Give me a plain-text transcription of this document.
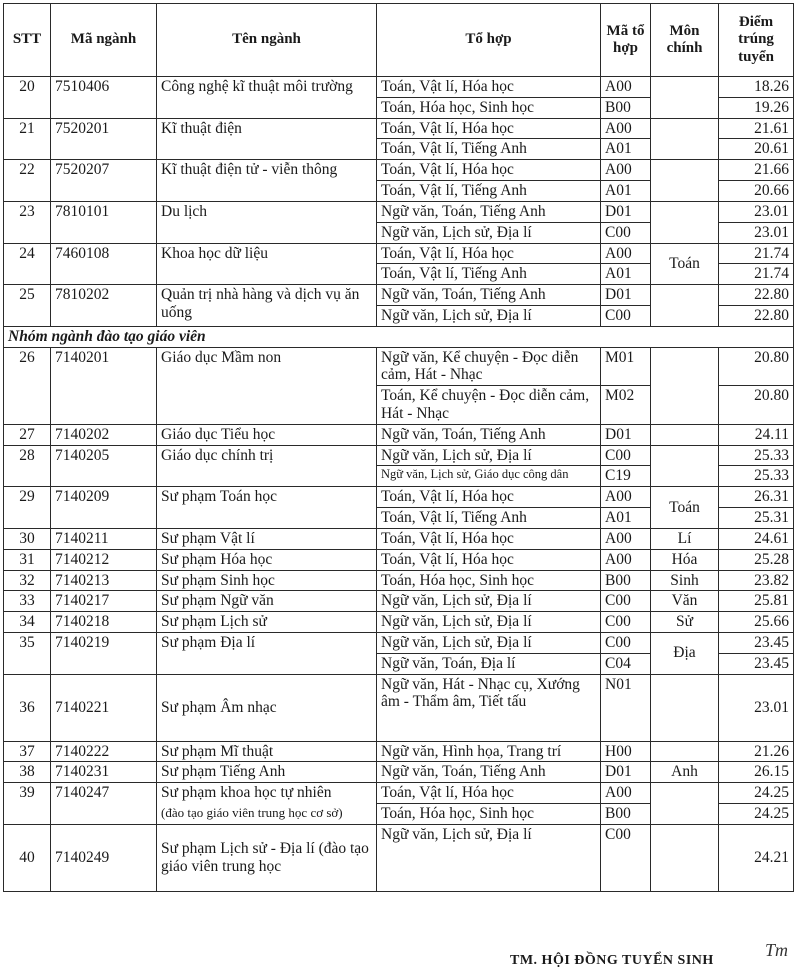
STT	Mã ngành	Tên ngành	Tổ hợp	Mã tổ hợp	Môn chính	Điểm trúng tuyển
20	7510406	Công nghệ kĩ thuật môi trường	Toán, Vật lí, Hóa học	A00		18.26
			Toán, Hóa học, Sinh học	B00		19.26
21	7520201	Kĩ thuật điện	Toán, Vật lí, Hóa học	A00		21.61
			Toán, Vật lí, Tiếng Anh	A01		20.61
22	7520207	Kĩ thuật điện tử - viễn thông	Toán, Vật lí, Hóa học	A00		21.66
			Toán, Vật lí, Tiếng Anh	A01		20.66
23	7810101	Du lịch	Ngữ văn, Toán, Tiếng Anh	D01		23.01
			Ngữ văn, Lịch sử, Địa lí	C00		23.01
24	7460108	Khoa học dữ liệu	Toán, Vật lí, Hóa học	A00	Toán	21.74
			Toán, Vật lí, Tiếng Anh	A01		21.74
25	7810202	Quản trị nhà hàng và dịch vụ ăn uống	Ngữ văn, Toán, Tiếng Anh	D01		22.80
			Ngữ văn, Lịch sử, Địa lí	C00		22.80
Nhóm ngành đào tạo giáo viên						
26	7140201	Giáo dục Mầm non	Ngữ văn, Kể chuyện - Đọc diễn cảm, Hát - Nhạc	M01		20.80
			Toán, Kể chuyện - Đọc diễn cảm, Hát - Nhạc	M02		20.80
27	7140202	Giáo dục Tiểu học	Ngữ văn, Toán, Tiếng Anh	D01		24.11
28	7140205	Giáo dục chính trị	Ngữ văn, Lịch sử, Địa lí	C00		25.33
			Ngữ văn, Lịch sử, Giáo dục công dân	C19		25.33
29	7140209	Sư phạm Toán học	Toán, Vật lí, Hóa học	A00	Toán	26.31
			Toán, Vật lí, Tiếng Anh	A01		25.31
30	7140211	Sư phạm Vật lí	Toán, Vật lí, Hóa học	A00	Lí	24.61
31	7140212	Sư phạm Hóa học	Toán, Vật lí, Hóa học	A00	Hóa	25.28
32	7140213	Sư phạm Sinh học	Toán, Hóa học, Sinh học	B00	Sinh	23.82
33	7140217	Sư phạm Ngữ văn	Ngữ văn, Lịch sử, Địa lí	C00	Văn	25.81
34	7140218	Sư phạm Lịch sử	Ngữ văn, Lịch sử, Địa lí	C00	Sử	25.66
35	7140219	Sư phạm Địa lí	Ngữ văn, Lịch sử, Địa lí	C00	Địa	23.45
			Ngữ văn, Toán, Địa lí	C04		23.45
36	7140221	Sư phạm Âm nhạc	Ngữ văn, Hát - Nhạc cụ, Xướng âm - Thẩm âm, Tiết tấu	N01		23.01
37	7140222	Sư phạm Mĩ thuật	Ngữ văn, Hình họa, Trang trí	H00		21.26
38	7140231	Sư phạm Tiếng Anh	Ngữ văn, Toán, Tiếng Anh	D01	Anh	26.15
39	7140247	Sư phạm khoa học tự nhiên
(đào tạo giáo viên trung học cơ sở)	Toán, Vật lí, Hóa học	A00		24.25
			Toán, Hóa học, Sinh học	B00		24.25
40	7140249	Sư phạm Lịch sử - Địa lí (đào tạo giáo viên trung học	Ngữ văn, Lịch sử, Địa lí	C00		24.21
TM. HỘI ĐỒNG TUYỂN SINH
Tm
